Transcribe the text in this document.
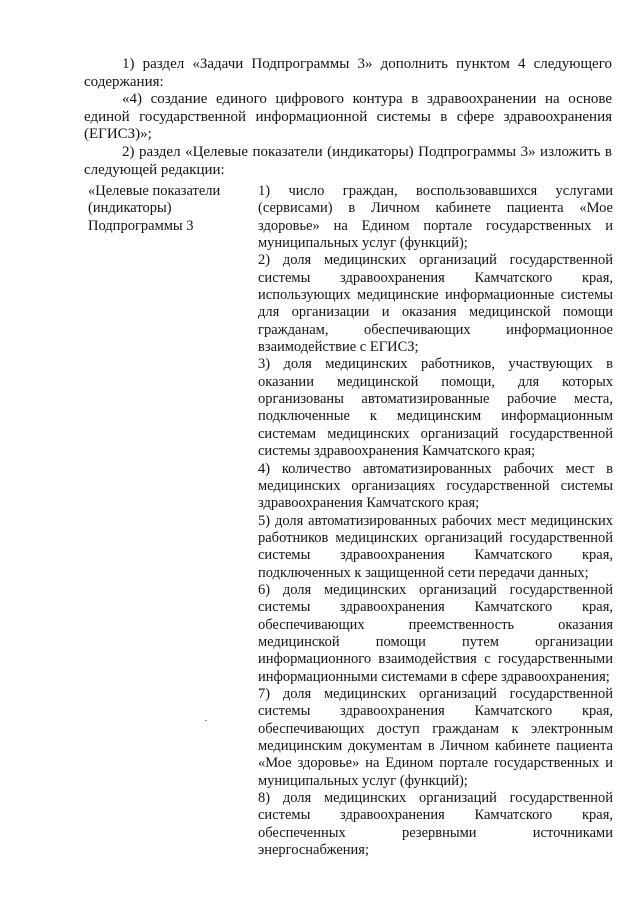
1) раздел «Задачи Подпрограммы 3» дополнить пунктом 4 следующего содержания:

«4) создание единого цифрового контура в здравоохранении на основе единой государственной информационной системы в сфере здравоохранения (ЕГИСЗ)»;

2) раздел «Целевые показатели (индикаторы) Подпрограммы 3» изложить в следующей редакции:

«Целевые показатели (индикаторы) Подпрограммы 3

1) число граждан, воспользовавшихся услугами (сервисами) в Личном кабинете пациента «Мое здоровье» на Едином портале государственных и муниципальных услуг (функций);

2) доля медицинских организаций государственной системы здравоохранения Камчатского края, использующих медицинские информационные системы для организации и оказания медицинской помощи гражданам, обеспечивающих информационное взаимодействие с ЕГИСЗ;

3) доля медицинских работников, участвующих в оказании медицинской помощи, для которых организованы автоматизированные рабочие места, подключенные к медицинским информационным системам медицинских организаций государственной системы здравоохранения Камчатского края;

4) количество автоматизированных рабочих мест в медицинских организациях государственной системы здравоохранения Камчатского края;

5) доля автоматизированных рабочих мест медицинских работников медицинских организаций государственной системы здравоохранения Камчатского края, подключенных к защищенной сети передачи данных;

6) доля медицинских организаций государственной системы здравоохранения Камчатского края, обеспечивающих преемственность оказания медицинской помощи путем организации информационного взаимодействия с государственными информационными системами в сфере здравоохранения;

7) доля медицинских организаций государственной системы здравоохранения Камчатского края, обеспечивающих доступ гражданам к электронным медицинским документам в Личном кабинете пациента «Мое здоровье» на Едином портале государственных и муниципальных услуг (функций);

8) доля медицинских организаций государственной системы здравоохранения Камчатского края, обеспеченных резервными источниками энергоснабжения;
